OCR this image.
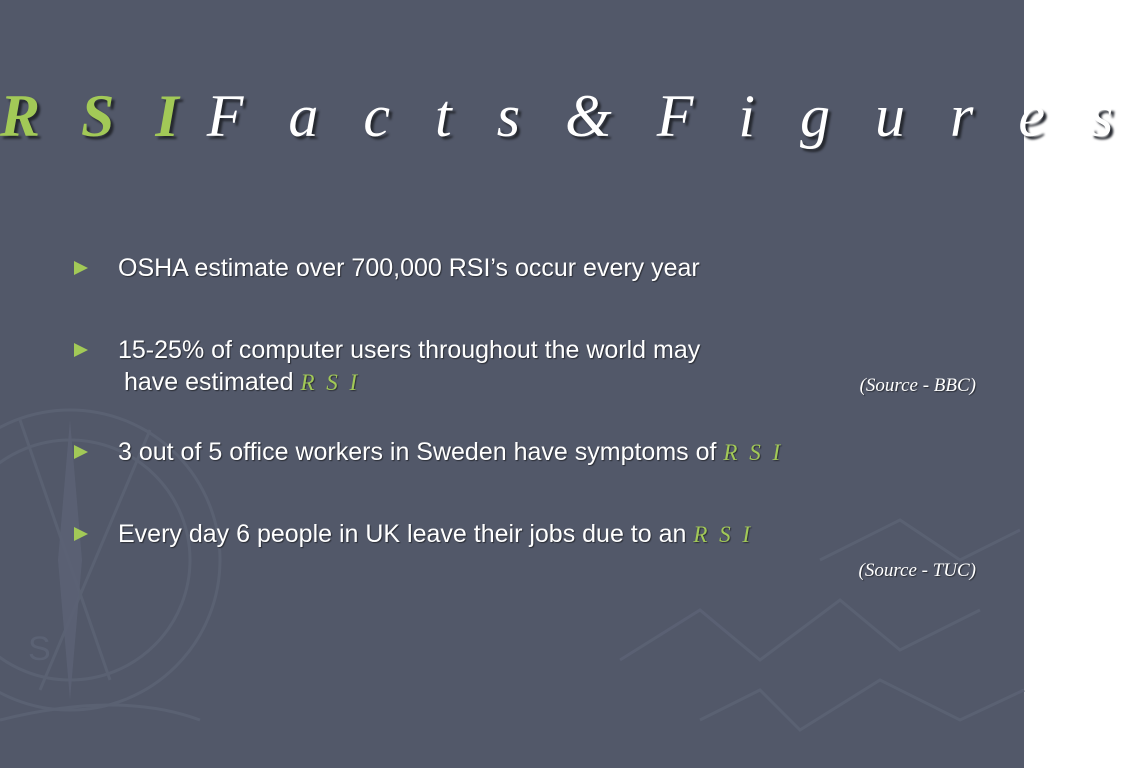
S
R S I F a c t s & F i g u r e s
OSHA estimate over 700,000 RSI’s occur every year
15-25% of computer users throughout the world may
have estimated R S I	(Source - BBC)
3 out of 5 office workers in Sweden have symptoms of R S I
Every day 6 people in UK leave their jobs due to an R S I
(Source - TUC)
